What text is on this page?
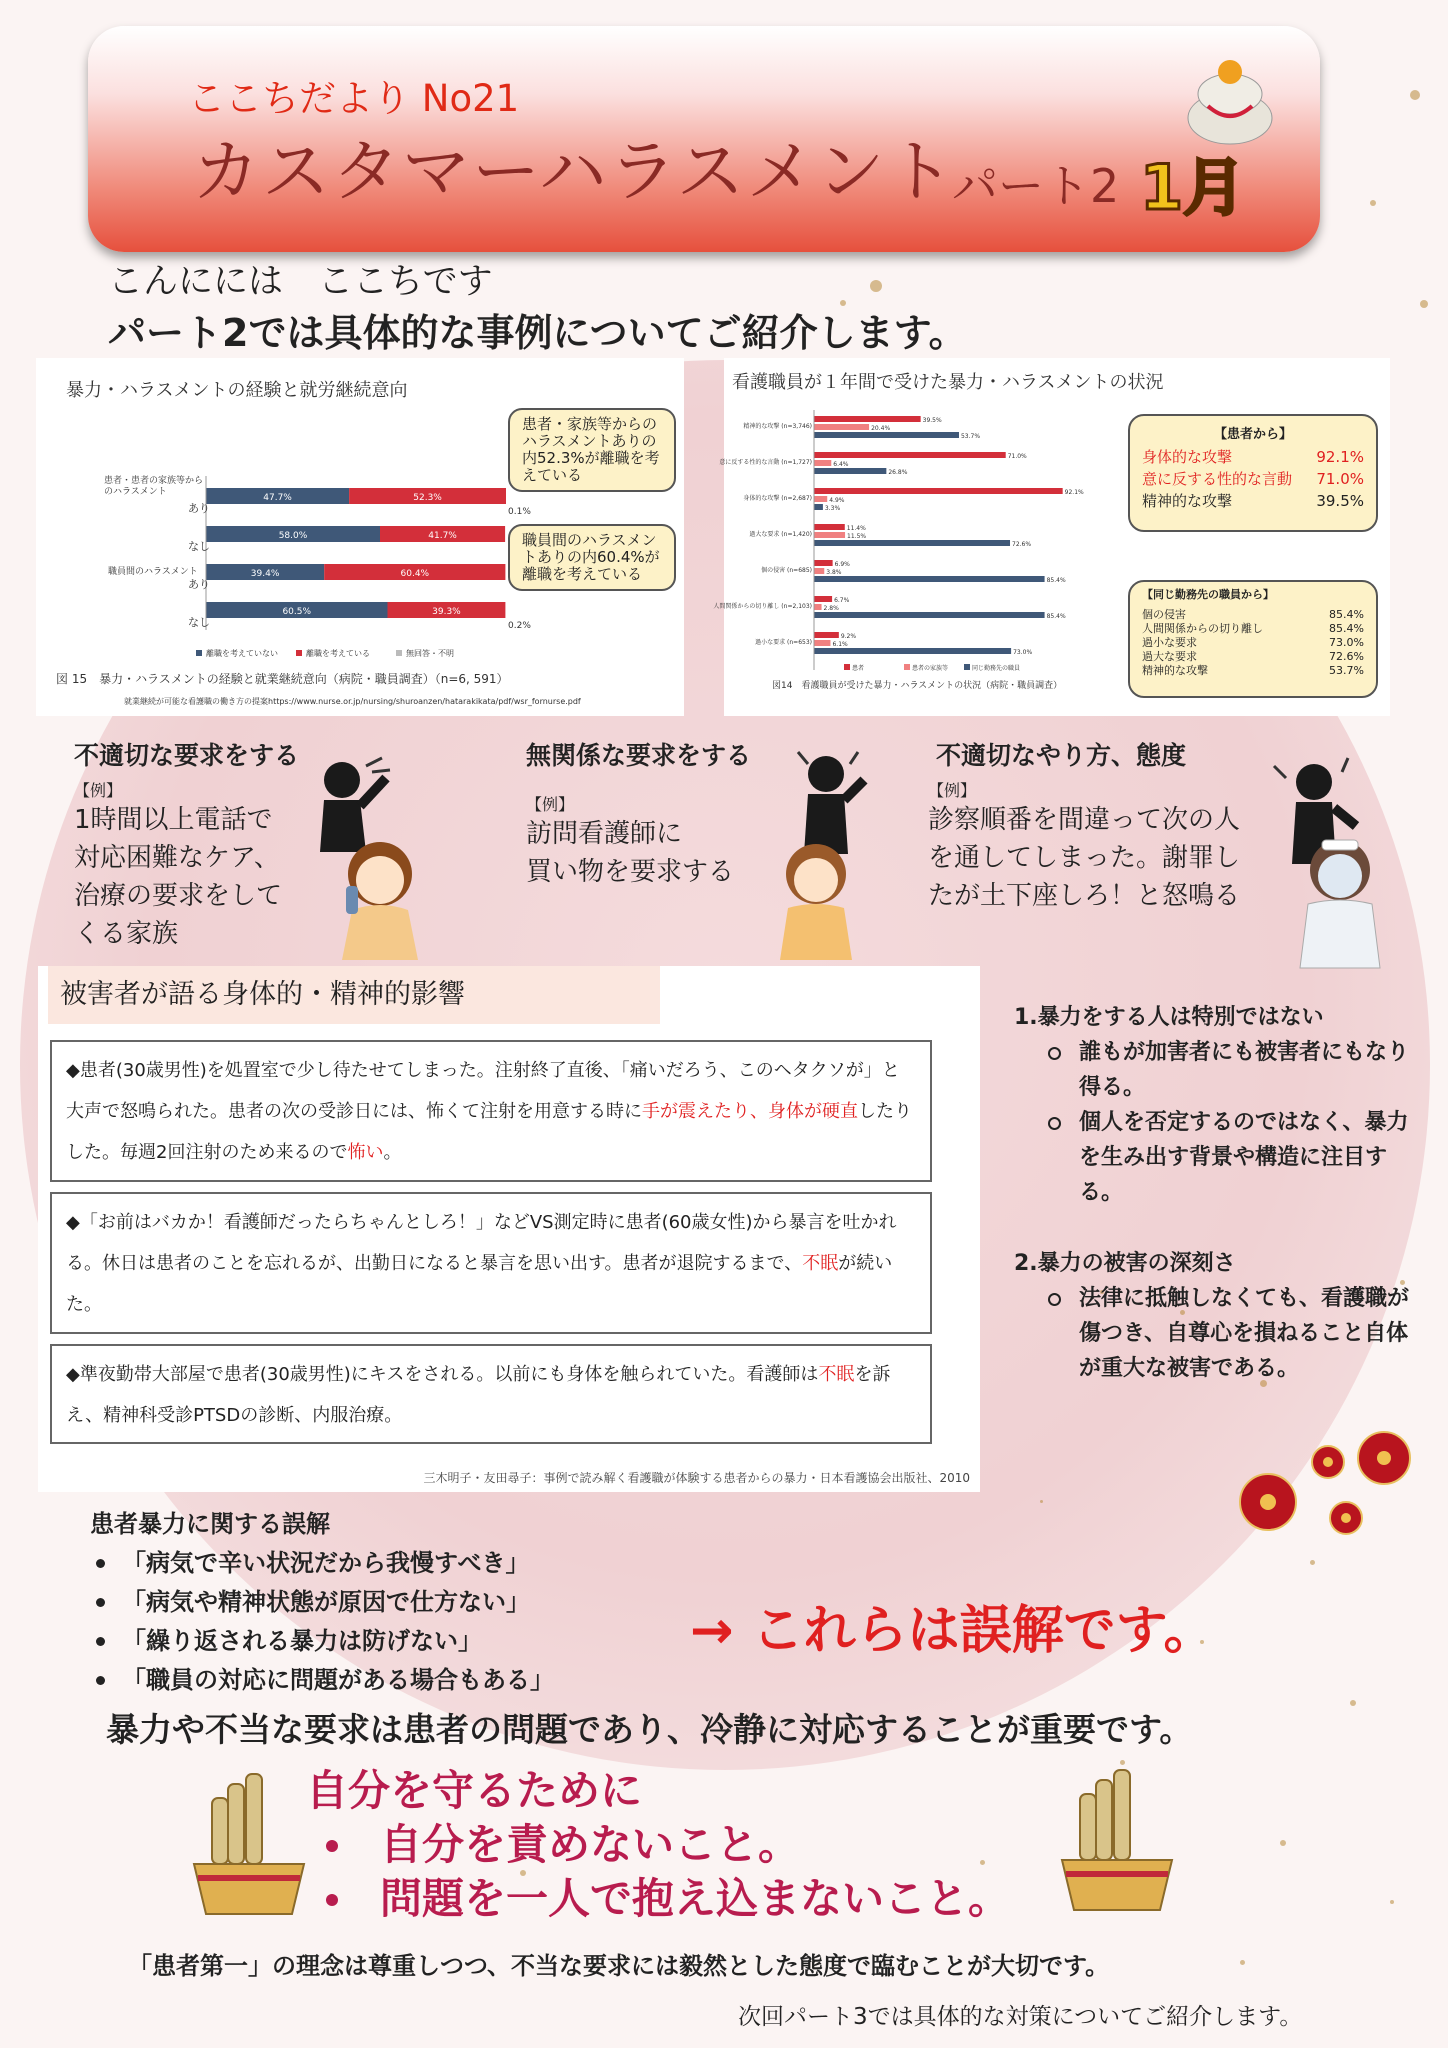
ここちだより No21
カスタマーハラスメント
パート2 1月
こんにには　ここちです
パート2では具体的な事例についてご紹介します。
暴力・ハラスメントの経験と就労継続意向
47.7%	52.3%
0.1%
58.0%	41.7%
39.4%	60.4%
60.5%	39.3%
0.2%
離職を考えていない	離職を考えている	無回答・不明
患者・患者の家族等からのハラスメント
あり
なし
職員間のハラスメント
あり
なし
患者・家族等からのハラスメントありの内52.3%が離職を考えている
職員間のハラスメントありの内60.4%が離職を考えている
図 15　暴力・ハラスメントの経験と就業継続意向（病院・職員調査）（n=6, 591）
就業継続が可能な看護職の働き方の提案https://www.nurse.or.jp/nursing/shuroanzen/hatarakikata/pdf/wsr_fornurse.pdf
看護職員が１年間で受けた暴力・ハラスメントの状況
精神的な攻撃 (n=3,746)
39.5%
20.4%
53.7%
意に反する性的な言動 (n=1,727)
71.0%
6.4%
26.8%
身体的な攻撃 (n=2,687)
92.1%
4.9%
3.3%
過大な要求 (n=1,420)
11.4%
11.5%
72.6%
個の侵害 (n=685)
6.9%
3.8%
85.4%
人間関係からの切り離し (n=2,103)
6.7%
2.8%
85.4%
過小な要求 (n=653)
9.2%
6.1%
73.0%
患者	患者の家族等	同じ勤務先の職員
【患者から】
身体的な攻撃	92.1%
意に反する性的な言動 71.0%
精神的な攻撃	39.5%
【同じ勤務先の職員から】
個の侵害	85.4%
人間関係からの切り離し	85.4%
過小な要求	73.0%
過大な要求	72.6%
精神的な攻撃	53.7%
図14　看護職員が受けた暴力・ハラスメントの状況（病院・職員調査）
不適切な要求をする
【例】
1時間以上電話で
対応困難なケア、
治療の要求をして
くる家族
無関係な要求をする
【例】
訪問看護師に
買い物を要求する
不適切なやり方、態度
【例】
診察順番を間違って次の人
を通してしまった。謝罪し
たが土下座しろ！と怒鳴る
被害者が語る身体的・精神的影響
◆患者(30歳男性)を処置室で少し待たせてしまった。注射終了直後、「痛いだろう、このヘタクソが」と大声で怒鳴られた。患者の次の受診日には、怖くて注射を用意する時に手が震えたり、身体が硬直したりした。毎週2回注射のため来るので怖い。
◆「お前はバカか！看護師だったらちゃんとしろ！」などVS測定時に患者(60歳女性)から暴言を吐かれる。休日は患者のことを忘れるが、出勤日になると暴言を思い出す。患者が退院するまで、不眠が続いた。
◆準夜勤帯大部屋で患者(30歳男性)にキスをされる。以前にも身体を触られていた。看護師は不眠を訴え、精神科受診PTSDの診断、内服治療。
三木明子・友田尋子：事例で読み解く看護職が体験する患者からの暴力・日本看護協会出版社、2010
1.暴力をする人は特別ではない
誰もが加害者にも被害者にもなり得る。
個人を否定するのではなく、暴力を生み出す背景や構造に注目する。
2.暴力の被害の深刻さ
法律に抵触しなくても、看護職が傷つき、自尊心を損ねること自体が重大な被害である。
患者暴力に関する誤解
「病気で辛い状況だから我慢すべき」
「病気や精神状態が原因で仕方ない」
「繰り返される暴力は防げない」
「職員の対応に問題がある場合もある」
→ これらは誤解です。
暴力や不当な要求は患者の問題であり、冷静に対応することが重要です。
自分を守るために
自分を責めないこと。
問題を一人で抱え込まないこと。
「患者第一」の理念は尊重しつつ、不当な要求には毅然とした態度で臨むことが大切です。
次回パート3では具体的な対策についてご紹介します。
